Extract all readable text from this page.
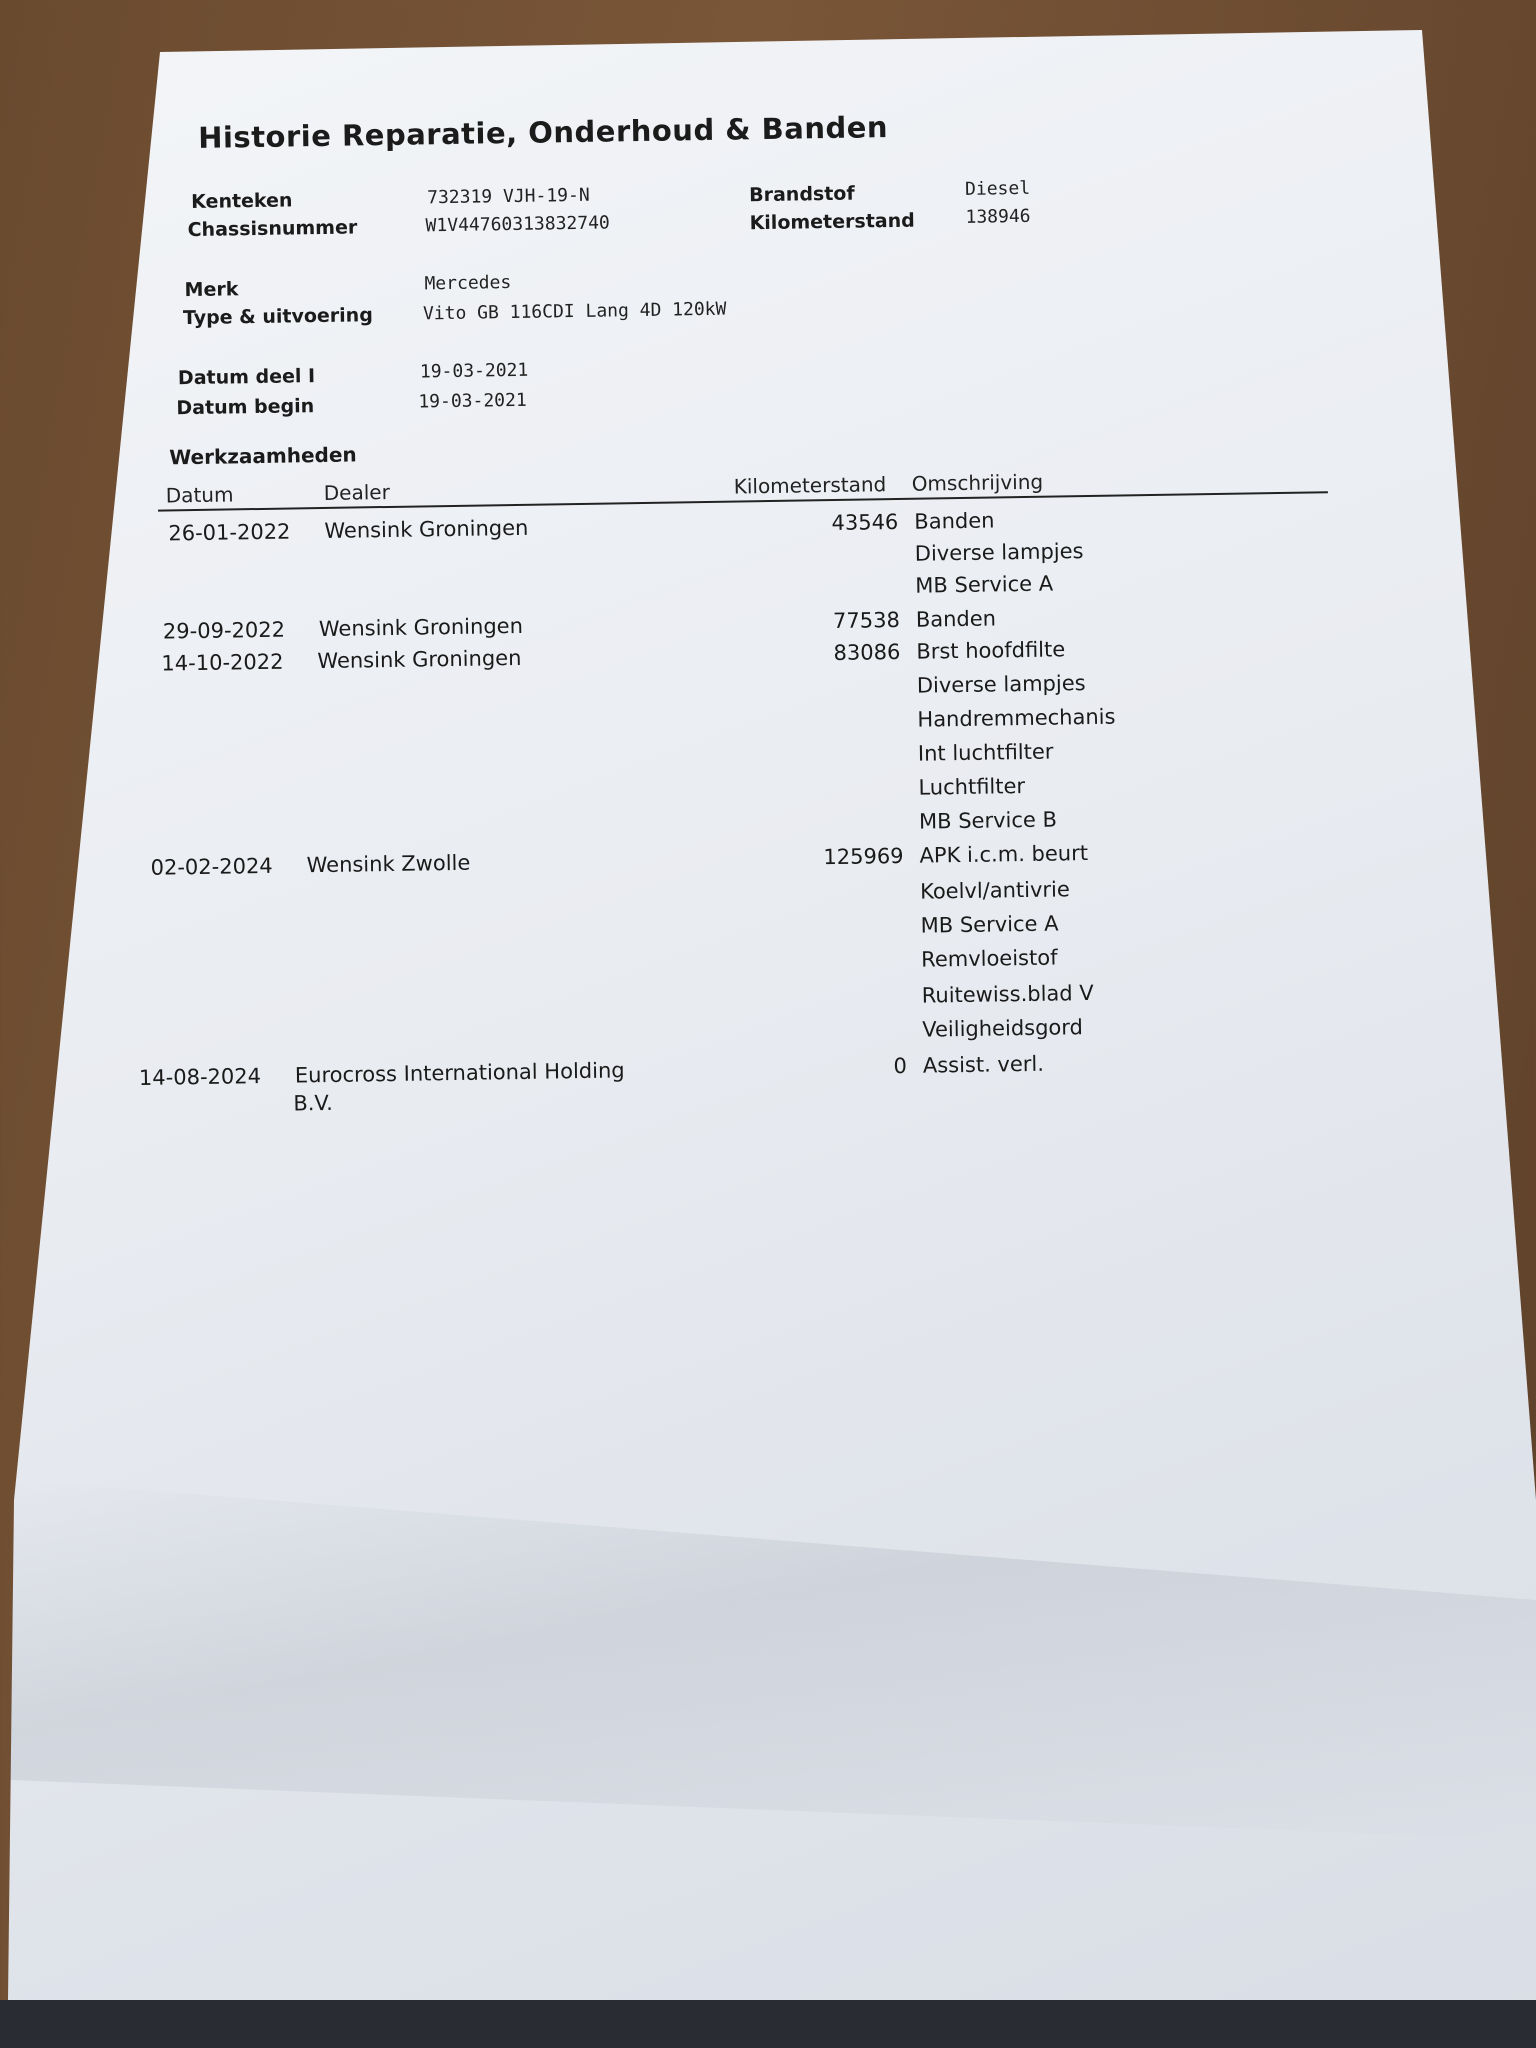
Historie Reparatie, Onderhoud & Banden
Kenteken	732319 VJH-19-N
Chassisnummer	W1V44760313832740
Brandstof	Diesel
Kilometerstand	138946
Merk	Mercedes
Type & uitvoering	Vito GB 116CDI Lang 4D 120kW
Datum deel I	19-03-2021
Datum begin	19-03-2021
Werkzaamheden
Datum	Dealer	Kilometerstand Omschrijving
26-01-2022 Wensink Groningen	43546 Banden
Diverse lampjes
MB Service A
29-09-2022 Wensink Groningen	77538 Banden
14-10-2022 Wensink Groningen	83086 Brst hoofdfilte
Diverse lampjes
Handremmechanis
Int luchtfilter
Luchtfilter
MB Service B
02-02-2024 Wensink Zwolle	125969 APK i.c.m. beurt
Koelvl/antivrie
MB Service A
Remvloeistof
Ruitewiss.blad V
Veiligheidsgord
14-08-2024 Eurocross International Holding	0 Assist. verl.
B.V.
